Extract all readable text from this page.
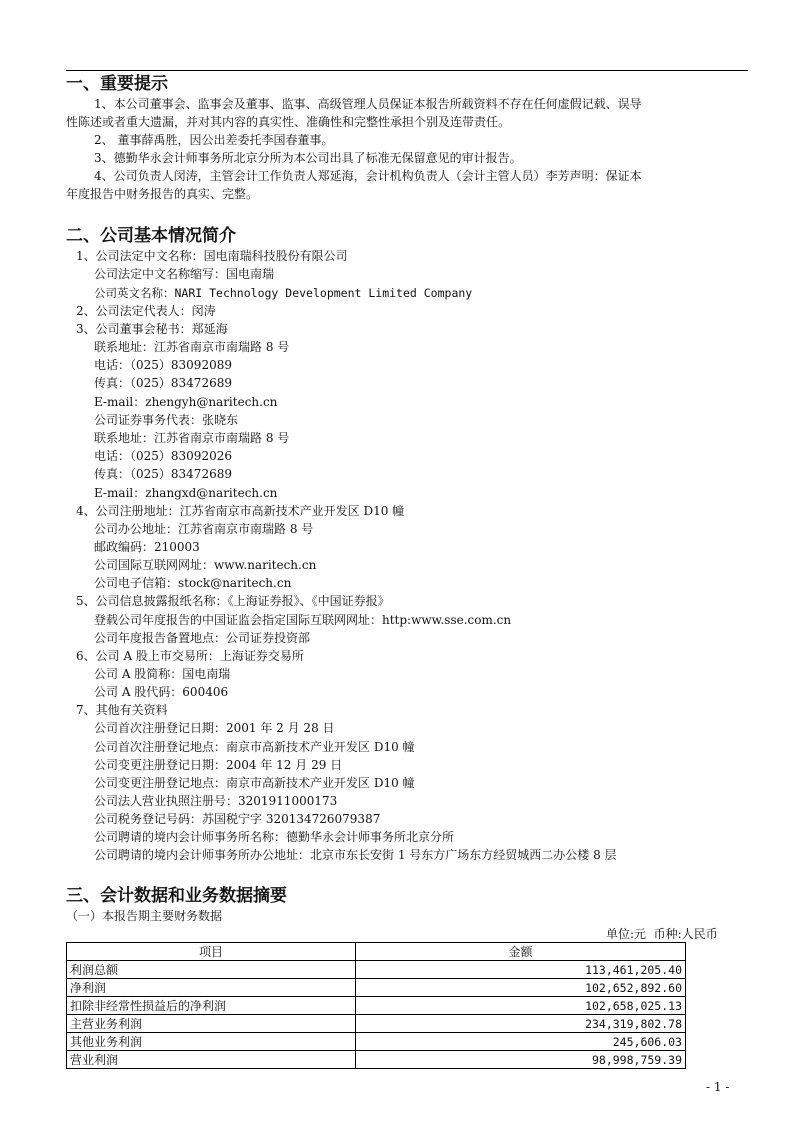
一、重要提示
1、本公司董事会、监事会及董事、监事、高级管理人员保证本报告所载资料不存在任何虚假记载、误导
性陈述或者重大遗漏，并对其内容的真实性、准确性和完整性承担个别及连带责任。
2、 董事薛禹胜，因公出差委托李国春董事。
3、德勤华永会计师事务所北京分所为本公司出具了标准无保留意见的审计报告。
4、公司负责人闵涛，主管会计工作负责人郑延海，会计机构负责人（会计主管人员）李芳声明：保证本
年度报告中财务报告的真实、完整。
二、公司基本情况简介
1、公司法定中文名称：国电南瑞科技股份有限公司
公司法定中文名称缩写：国电南瑞
公司英文名称：NARI Technology Development Limited Company
2、公司法定代表人：闵涛
3、公司董事会秘书：郑延海
联系地址：江苏省南京市南瑞路 8 号
电话：（025）83092089
传真：（025）83472689
E-mail：zhengyh@naritech.cn
公司证券事务代表：张晓东
联系地址：江苏省南京市南瑞路 8 号
电话：（025）83092026
传真：（025）83472689
E-mail：zhangxd@naritech.cn
4、公司注册地址：江苏省南京市高新技术产业开发区 D10 幢
公司办公地址：江苏省南京市南瑞路 8 号
邮政编码：210003
公司国际互联网网址：www.naritech.cn
公司电子信箱：stock@naritech.cn
5、公司信息披露报纸名称：《上海证券报》、《中国证券报》
登载公司年度报告的中国证监会指定国际互联网网址：http:www.sse.com.cn
公司年度报告备置地点：公司证券投资部
6、公司 A 股上市交易所：上海证券交易所
公司 A 股简称：国电南瑞
公司 A 股代码：600406
7、其他有关资料
公司首次注册登记日期：2001 年 2 月 28 日
公司首次注册登记地点：南京市高新技术产业开发区 D10 幢
公司变更注册登记日期：2004 年 12 月 29 日
公司变更注册登记地点：南京市高新技术产业开发区 D10 幢
公司法人营业执照注册号：3201911000173
公司税务登记号码：苏国税宁字 320134726079387
公司聘请的境内会计师事务所名称：德勤华永会计师事务所北京分所
公司聘请的境内会计师事务所办公地址：北京市东长安街 1 号东方广场东方经贸城西二办公楼 8 层
三、会计数据和业务数据摘要
（一）本报告期主要财务数据
单位:元  币种:人民币
项目	金额
利润总额	113,461,205.40
净利润	102,652,892.60
扣除非经常性损益后的净利润	102,658,025.13
主营业务利润	234,319,802.78
其他业务利润	245,606.03
营业利润	98,998,759.39
- 1 -
